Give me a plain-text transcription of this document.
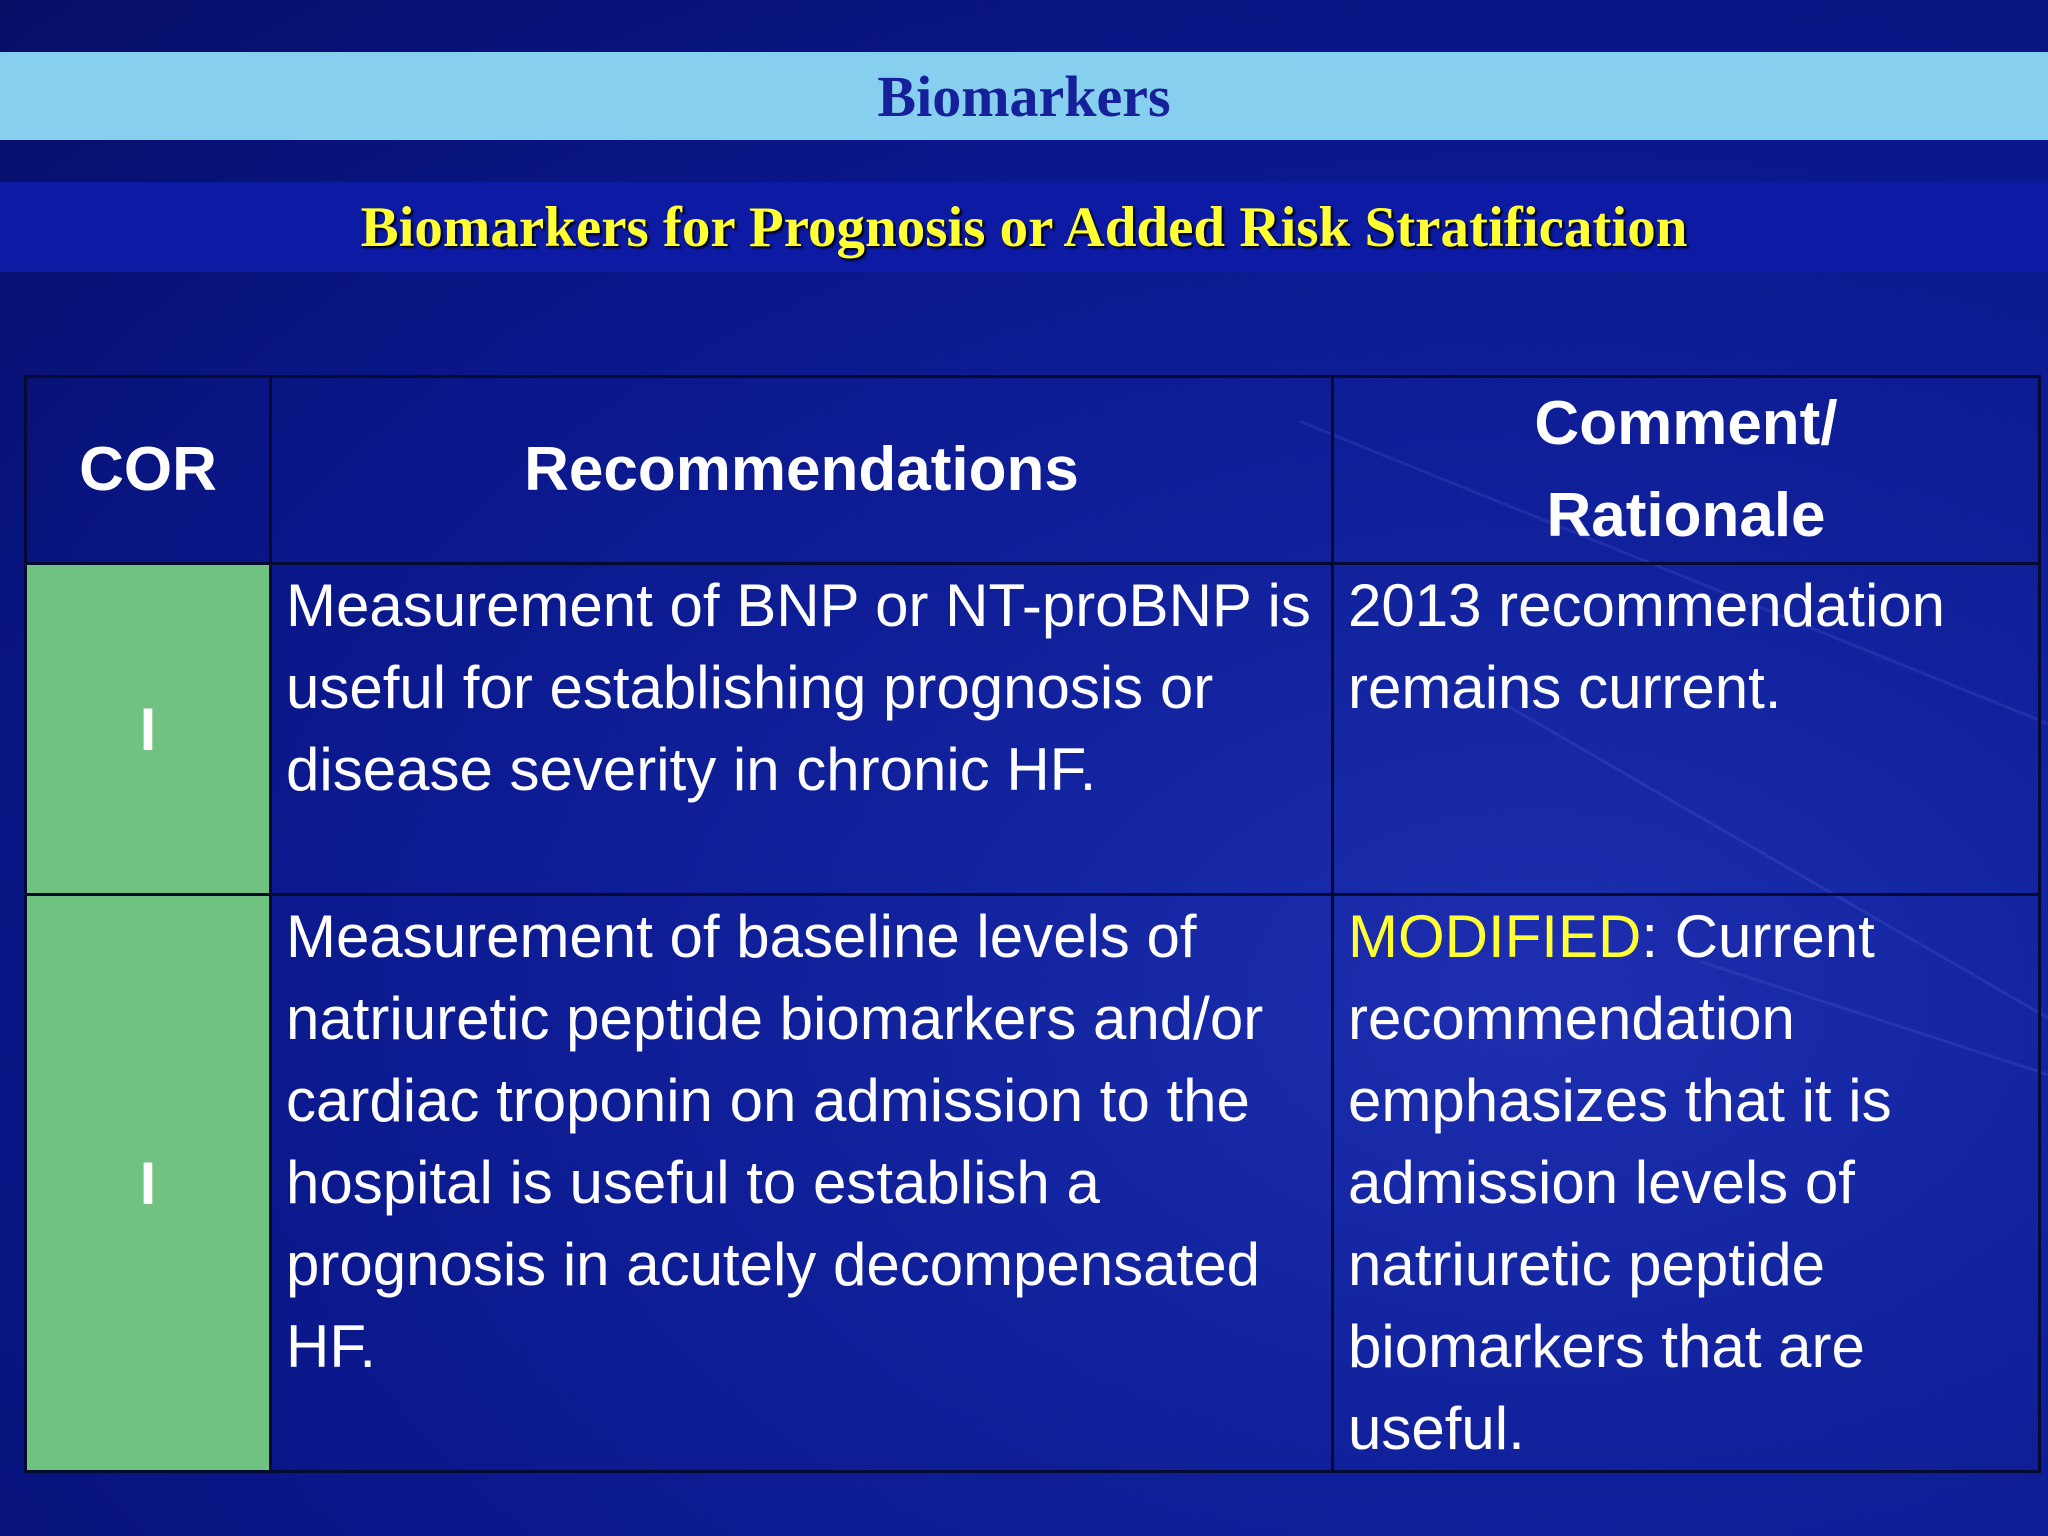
Biomarkers
Biomarkers for Prognosis or Added Risk Stratification
COR	Recommendations	Comment/
Rationale
I	Measurement of BNP or NT-proBNP is useful for establishing prognosis or disease severity in chronic HF.	2013 recommendation remains current.
I	Measurement of baseline levels of natriuretic peptide biomarkers and/or cardiac troponin on admission to the hospital is useful to establish a prognosis in acutely decompensated HF.	MODIFIED: Current recommendation emphasizes that it is admission levels of natriuretic peptide biomarkers that are useful.
